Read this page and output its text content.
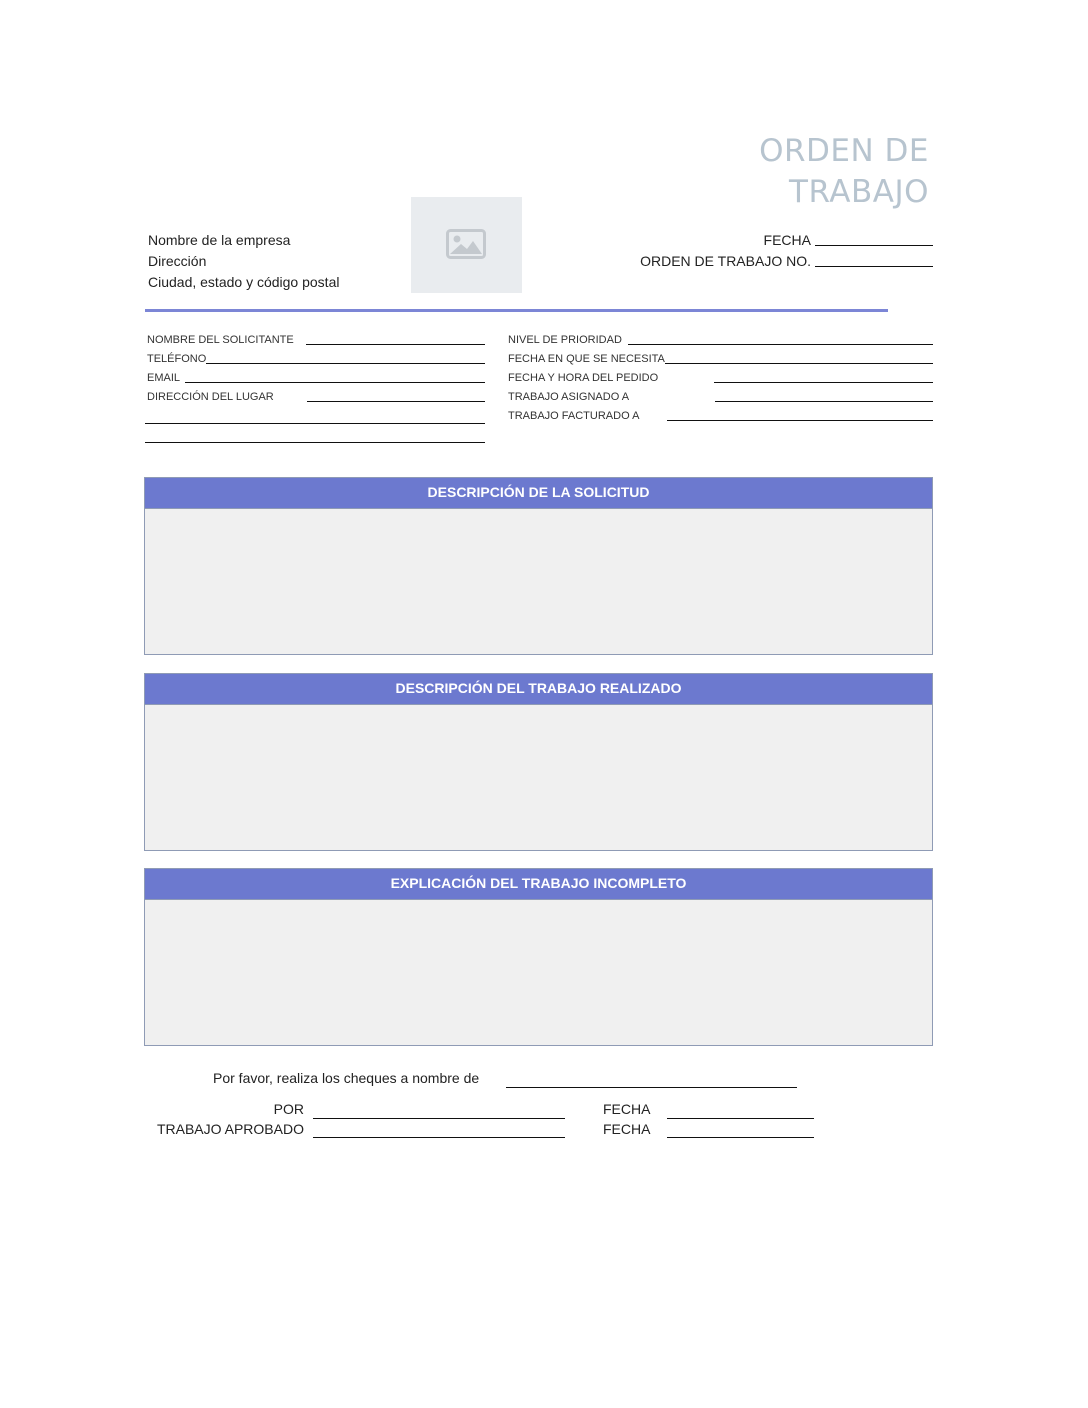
ORDEN DE
TRABAJO
Nombre de la empresa
Dirección
Ciudad, estado y código postal
FECHA
ORDEN DE TRABAJO NO.
NOMBRE DEL SOLICITANTE
TELÉFONO
EMAIL
DIRECCIÓN DEL LUGAR
NIVEL DE PRIORIDAD
FECHA EN QUE SE NECESITA
FECHA Y HORA DEL PEDIDO
TRABAJO ASIGNADO A
TRABAJO FACTURADO A
DESCRIPCIÓN DE LA SOLICITUD
DESCRIPCIÓN DEL TRABAJO REALIZADO
EXPLICACIÓN DEL TRABAJO INCOMPLETO
Por favor, realiza los cheques a nombre de
POR	FECHA
TRABAJO APROBADO	FECHA
